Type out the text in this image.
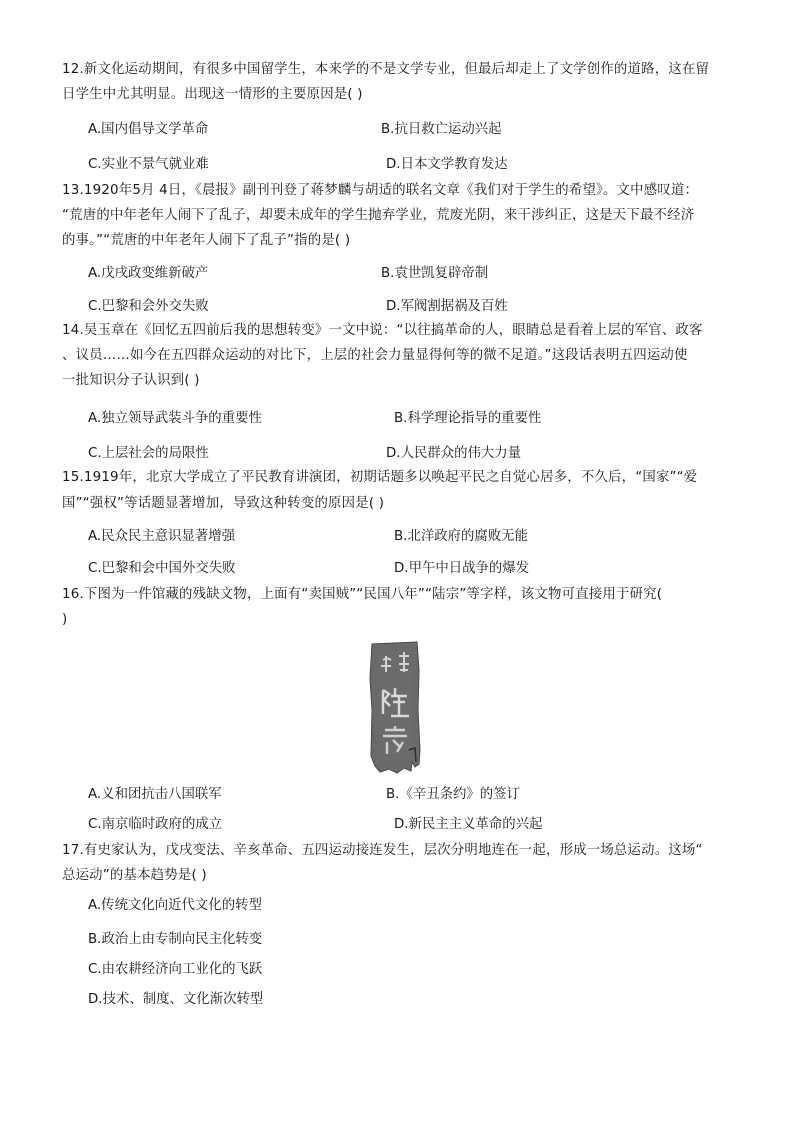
12.新文化运动期间，有很多中国留学生，本来学的不是文学专业，但最后却走上了文学创作的道路，这在留
日学生中尤其明显。出现这一情形的主要原因是( )
A.国内倡导文学革命	B.抗日救亡运动兴起
C.实业不景气就业难	D.日本文学教育发达
13.1920年5月 4日，《晨报》副刊刊登了蒋梦麟与胡适的联名文章《我们对于学生的希望》。文中感叹道：
“荒唐的中年老年人闹下了乱子，却要未成年的学生抛弃学业，荒废光阴，来干涉纠正，这是天下最不经济
的事。”“荒唐的中年老年人闹下了乱子”指的是( )
A.戊戌政变维新破产	B.袁世凯复辟帝制
C.巴黎和会外交失败	D.军阀割据祸及百姓
14.吴玉章在《回忆五四前后我的思想转变》一文中说：“以往搞革命的人，眼睛总是看着上层的军官、政客
、议员……如今在五四群众运动的对比下，上层的社会力量显得何等的微不足道。”这段话表明五四运动使
一批知识分子认识到( )
A.独立领导武装斗争的重要性	B.科学理论指导的重要性
C.上层社会的局限性	D.人民群众的伟大力量
15.1919年，北京大学成立了平民教育讲演团，初期话题多以唤起平民之自觉心居多，不久后，“国家”“爱
国”“强权”等话题显著增加，导致这种转变的原因是( )
A.民众民主意识显著增强	B.北洋政府的腐败无能
C.巴黎和会中国外交失败	D.甲午中日战争的爆发
16.下图为一件馆藏的残缺文物，上面有“卖国贼”“民国八年”“陆宗”等字样，该文物可直接用于研究(
)
A.义和团抗击八国联军	B.《辛丑条约》的签订
C.南京临时政府的成立	D.新民主主义革命的兴起
17.有史家认为，戊戌变法、辛亥革命、五四运动接连发生，层次分明地连在一起，形成一场总运动。这场“
总运动”的基本趋势是( )
A.传统文化向近代文化的转型
B.政治上由专制向民主化转变
C.由农耕经济向工业化的飞跃
D.技术、制度、文化渐次转型
